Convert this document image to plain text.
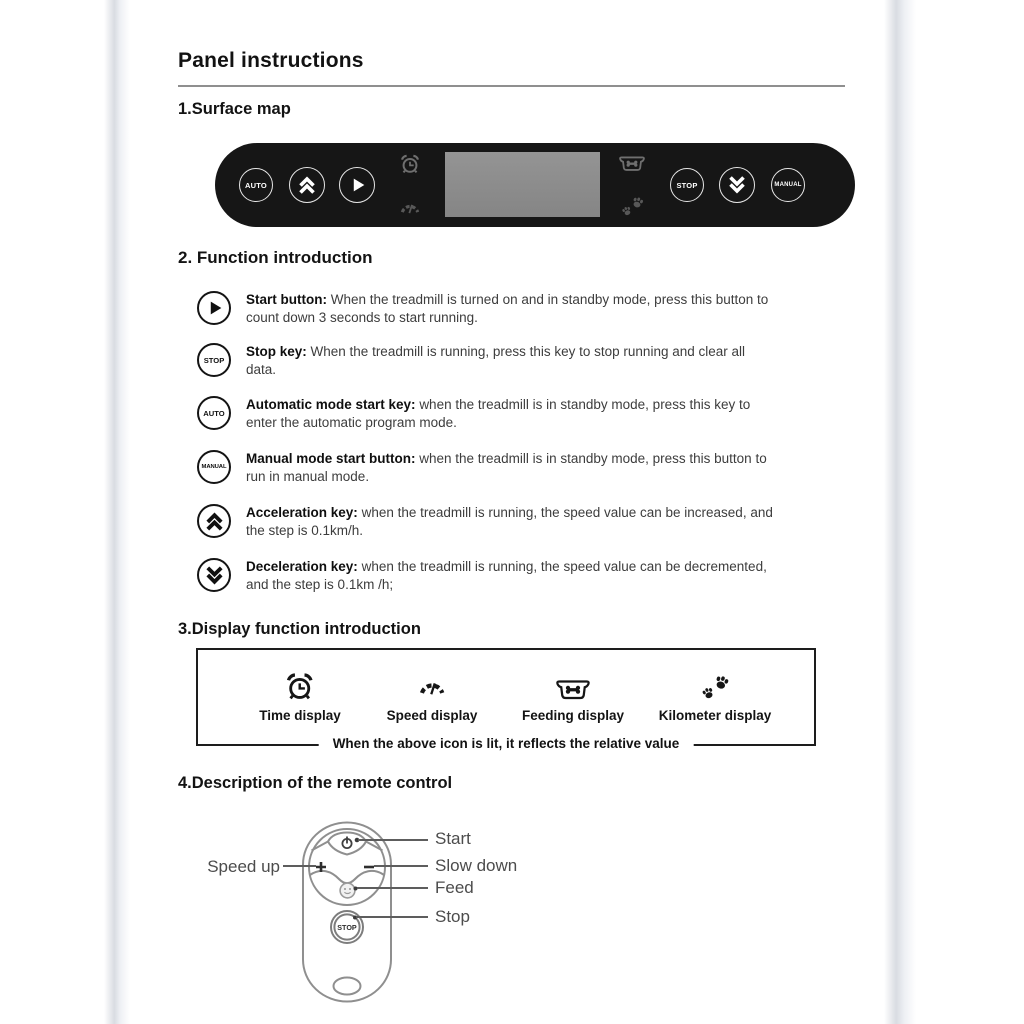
Panel instructions
1.Surface map
AUTO	STOP	MANUAL
2. Function introduction

Start button: When the treadmill is turned on and in standby mode, press this button to count down 3 seconds to start running.

STOP

Stop key: When the treadmill is running, press this key to stop running and clear all data.

AUTO

Automatic mode start key: when the treadmill is in standby mode, press this key to enter the automatic program mode.

MANUAL

Manual mode start button: when the treadmill is in standby mode, press this button to run in manual mode.

Acceleration key: when the treadmill is running, the speed value can be increased, and the step is 0.1km/h.

Deceleration key: when the treadmill is running, the speed value can be decremented, and the step is 0.1km /h;

3.Display function introduction
Time display	Speed display	Feeding display	Kilometer display
When the above icon is lit, it reflects the relative value
4.Description of the remote control
STOP
Speed up
Start
Slow down
Feed
Stop
